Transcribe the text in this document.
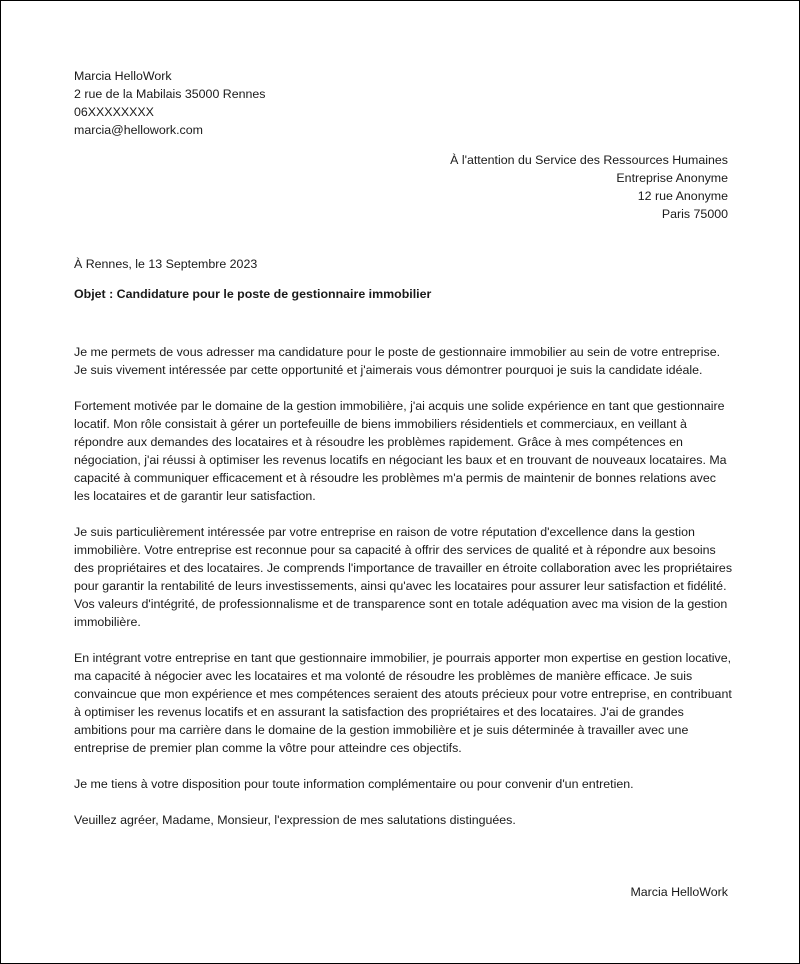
Marcia HelloWork
2 rue de la Mabilais 35000 Rennes
06XXXXXXXX
marcia@hellowork.com
À l'attention du Service des Ressources Humaines
Entreprise Anonyme
12 rue Anonyme
Paris 75000
À Rennes, le 13 Septembre 2023
Objet : Candidature pour le poste de gestionnaire immobilier

Je me permets de vous adresser ma candidature pour le poste de gestionnaire immobilier au sein de votre entreprise. Je suis vivement intéressée par cette opportunité et j'aimerais vous démontrer pourquoi je suis la candidate idéale.

Fortement motivée par le domaine de la gestion immobilière, j'ai acquis une solide expérience en tant que gestionnaire locatif. Mon rôle consistait à gérer un portefeuille de biens immobiliers résidentiels et commerciaux, en veillant à répondre aux demandes des locataires et à résoudre les problèmes rapidement. Grâce à mes compétences en négociation, j'ai réussi à optimiser les revenus locatifs en négociant les baux et en trouvant de nouveaux locataires. Ma capacité à communiquer efficacement et à résoudre les problèmes m'a permis de maintenir de bonnes relations avec les locataires et de garantir leur satisfaction.

Je suis particulièrement intéressée par votre entreprise en raison de votre réputation d'excellence dans la gestion immobilière. Votre entreprise est reconnue pour sa capacité à offrir des services de qualité et à répondre aux besoins des propriétaires et des locataires. Je comprends l'importance de travailler en étroite collaboration avec les propriétaires pour garantir la rentabilité de leurs investissements, ainsi qu'avec les locataires pour assurer leur satisfaction et fidélité. Vos valeurs d'intégrité, de professionnalisme et de transparence sont en totale adéquation avec ma vision de la gestion immobilière.

En intégrant votre entreprise en tant que gestionnaire immobilier, je pourrais apporter mon expertise en gestion locative, ma capacité à négocier avec les locataires et ma volonté de résoudre les problèmes de manière efficace. Je suis convaincue que mon expérience et mes compétences seraient des atouts précieux pour votre entreprise, en contribuant à optimiser les revenus locatifs et en assurant la satisfaction des propriétaires et des locataires. J'ai de grandes ambitions pour ma carrière dans le domaine de la gestion immobilière et je suis déterminée à travailler avec une entreprise de premier plan comme la vôtre pour atteindre ces objectifs.

Je me tiens à votre disposition pour toute information complémentaire ou pour convenir d'un entretien.

Veuillez agréer, Madame, Monsieur, l'expression de mes salutations distinguées.

Marcia HelloWork
